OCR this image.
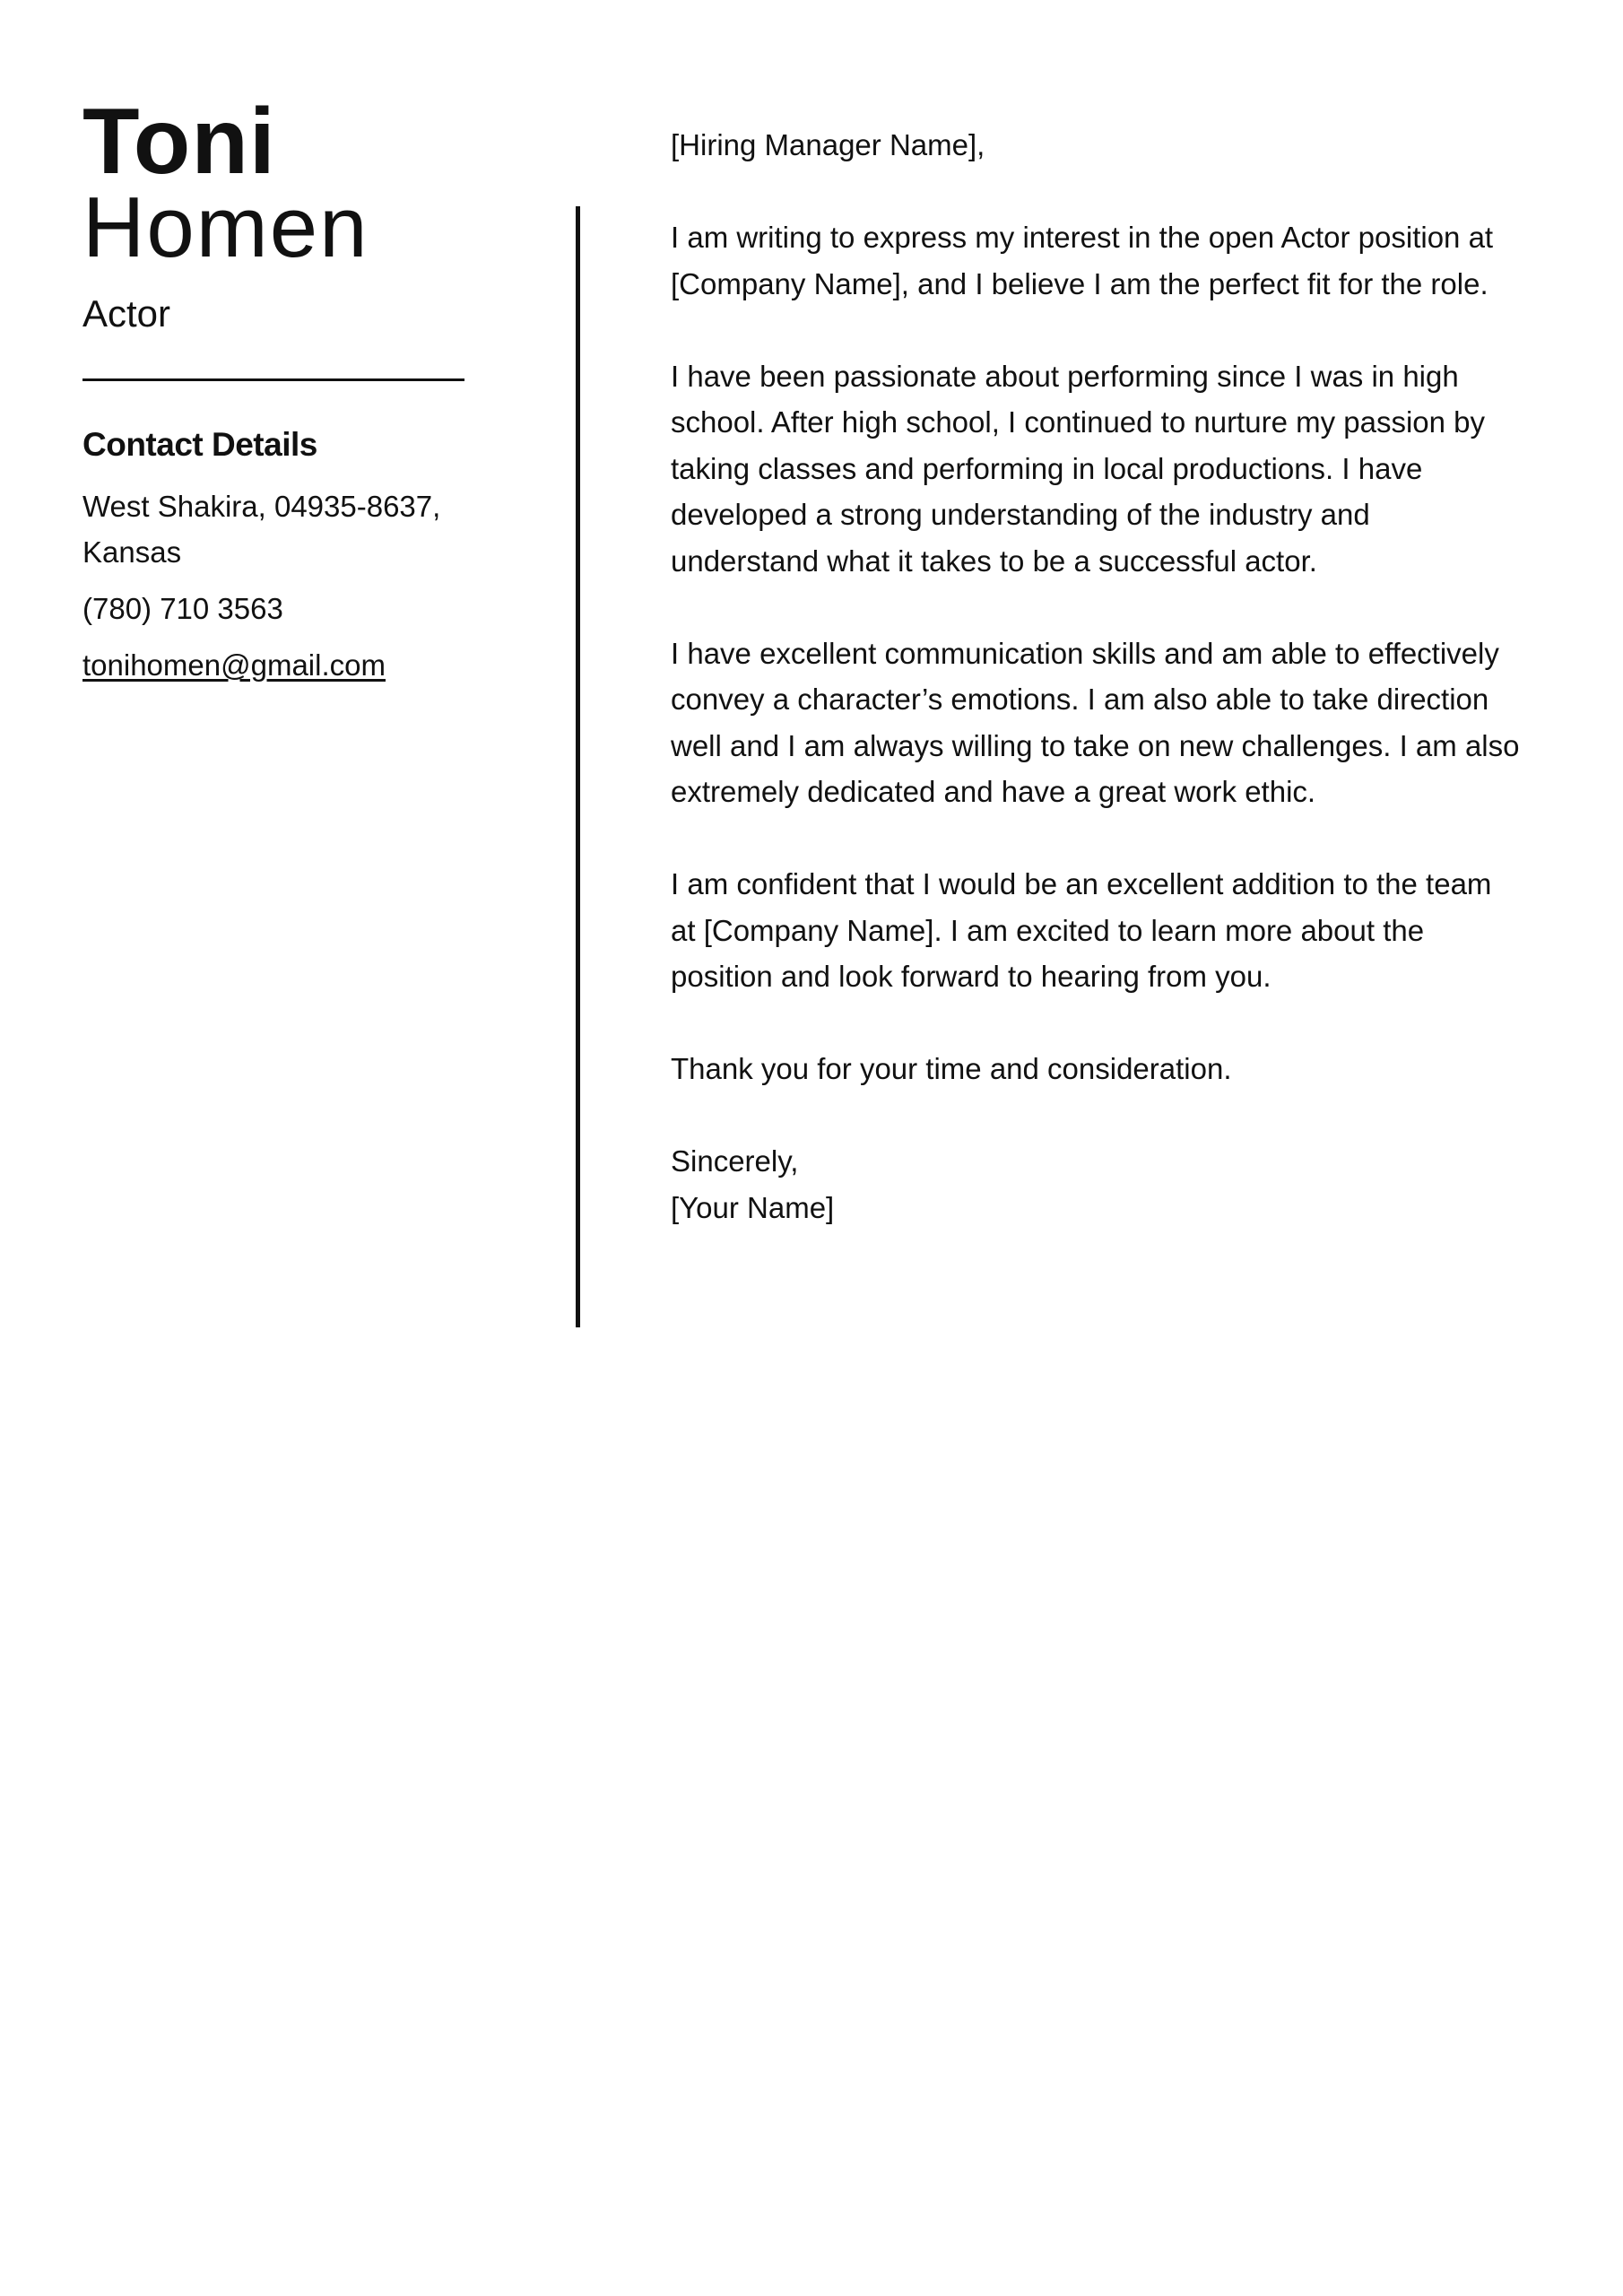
Toni
Homen
Actor
Contact Details
West Shakira, 04935-8637, Kansas
(780) 710 3563
tonihomen@gmail.com

[Hiring Manager Name],

I am writing to express my interest in the open Actor position at [Company Name], and I believe I am the perfect fit for the role.

I have been passionate about performing since I was in high school. After high school, I continued to nurture my passion by taking classes and performing in local productions. I have developed a strong understanding of the industry and understand what it takes to be a successful actor.

I have excellent communication skills and am able to effectively convey a character’s emotions. I am also able to take direction well and I am always willing to take on new challenges. I am also extremely dedicated and have a great work ethic.

I am confident that I would be an excellent addition to the team at [Company Name]. I am excited to learn more about the position and look forward to hearing from you.

Thank you for your time and consideration.

Sincerely,
[Your Name]
